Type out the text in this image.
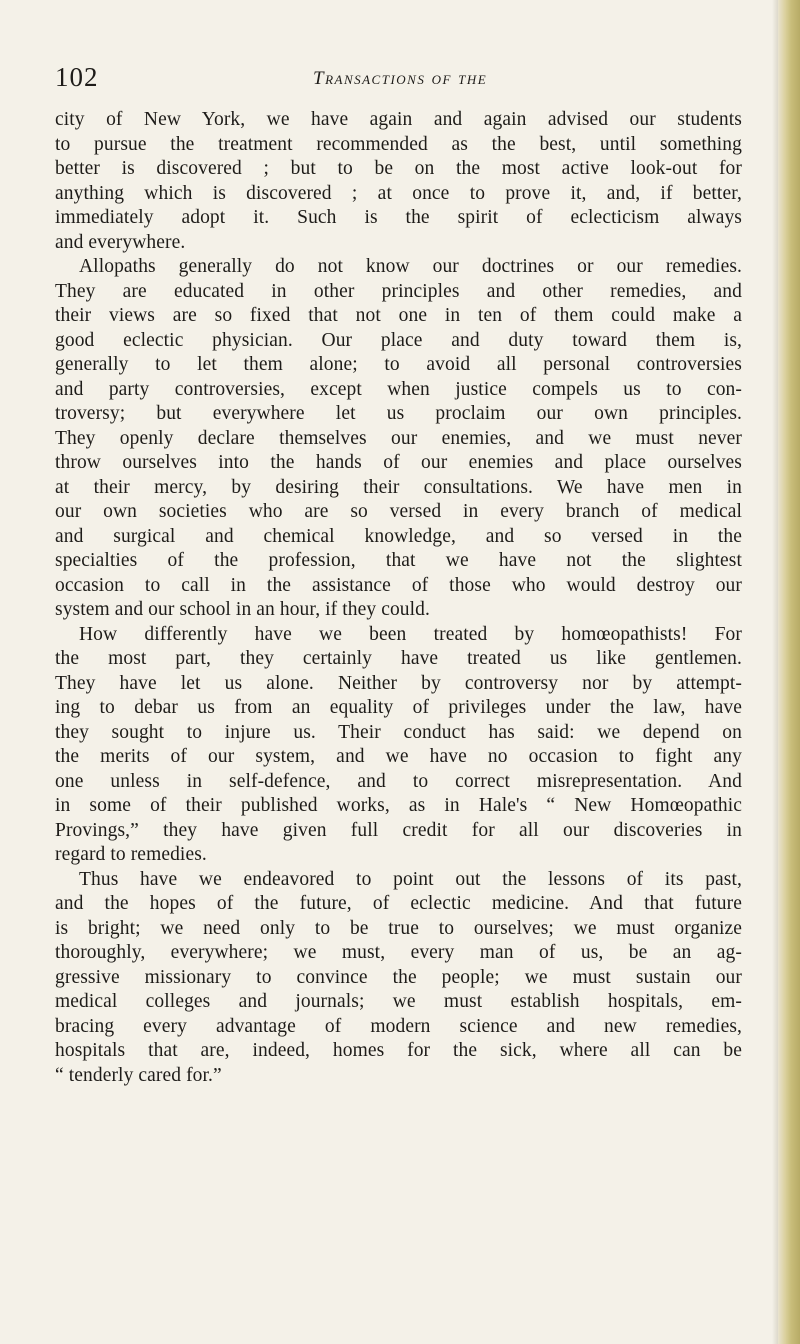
102	Transactions of the
city of New York, we have again and again advised our students
to pursue the treatment recommended as the best, until something
better is discovered ; but to be on the most active look-out for
anything which is discovered ; at once to prove it, and, if better,
immediately adopt it. Such is the spirit of eclecticism always
and everywhere.
Allopaths generally do not know our doctrines or our remedies.
They are educated in other principles and other remedies, and
their views are so fixed that not one in ten of them could make a
good eclectic physician. Our place and duty toward them is,
generally to let them alone; to avoid all personal controversies
and party controversies, except when justice compels us to con-
troversy; but everywhere let us proclaim our own principles.
They openly declare themselves our enemies, and we must never
throw ourselves into the hands of our enemies and place ourselves
at their mercy, by desiring their consultations. We have men in
our own societies who are so versed in every branch of medical
and surgical and chemical knowledge, and so versed in the
specialties of the profession, that we have not the slightest
occasion to call in the assistance of those who would destroy our
system and our school in an hour, if they could.
How differently have we been treated by homœopathists! For
the most part, they certainly have treated us like gentlemen.
They have let us alone. Neither by controversy nor by attempt-
ing to debar us from an equality of privileges under the law, have
they sought to injure us. Their conduct has said: we depend on
the merits of our system, and we have no occasion to fight any
one unless in self-defence, and to correct misrepresentation. And
in some of their published works, as in Hale's “ New Homœopathic
Provings,” they have given full credit for all our discoveries in
regard to remedies.
Thus have we endeavored to point out the lessons of its past,
and the hopes of the future, of eclectic medicine. And that future
is bright; we need only to be true to ourselves; we must organize
thoroughly, everywhere; we must, every man of us, be an ag-
gressive missionary to convince the people; we must sustain our
medical colleges and journals; we must establish hospitals, em-
bracing every advantage of modern science and new remedies,
hospitals that are, indeed, homes for the sick, where all can be
“ tenderly cared for.”
